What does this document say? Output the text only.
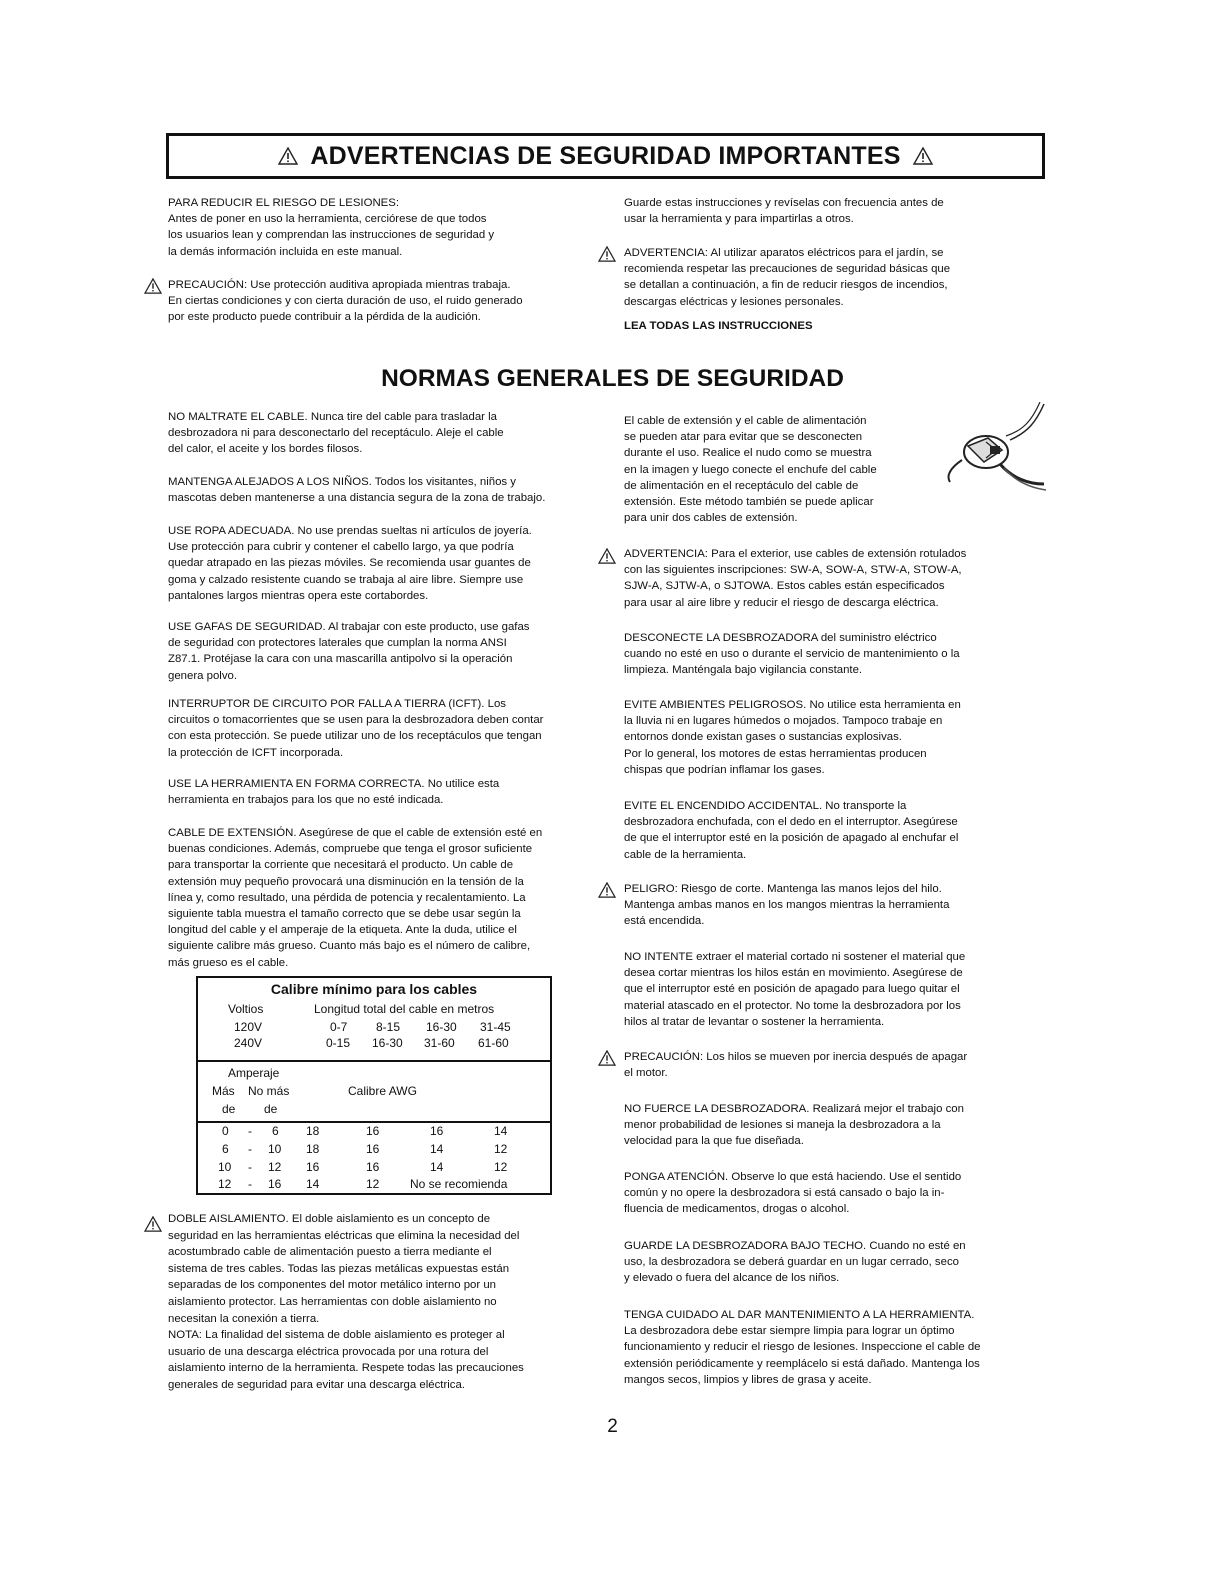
ADVERTENCIAS DE SEGURIDAD IMPORTANTES
PARA REDUCIR EL RIESGO DE LESIONES:
Antes de poner en uso la herramienta, cerciórese de que todos
los usuarios lean y comprendan las instrucciones de seguridad y
la demás información incluida en este manual.
PRECAUCIÓN: Use protección auditiva apropiada mientras trabaja.
En ciertas condiciones y con cierta duración de uso, el ruido generado
por este producto puede contribuir a la pérdida de la audición.
Guarde estas instrucciones y revíselas con frecuencia antes de
usar la herramienta y para impartirlas a otros.
ADVERTENCIA: Al utilizar aparatos eléctricos para el jardín, se
recomienda respetar las precauciones de seguridad básicas que
se detallan a continuación, a fin de reducir riesgos de incendios,
descargas eléctricas y lesiones personales.
LEA TODAS LAS INSTRUCCIONES
NORMAS GENERALES DE SEGURIDAD
NO MALTRATE EL CABLE. Nunca tire del cable para trasladar la
desbrozadora ni para desconectarlo del receptáculo. Aleje el cable
del calor, el aceite y los bordes filosos.
MANTENGA ALEJADOS A LOS NIÑOS. Todos los visitantes, niños y
mascotas deben mantenerse a una distancia segura de la zona de trabajo.
USE ROPA ADECUADA. No use prendas sueltas ni artículos de joyería.
Use protección para cubrir y contener el cabello largo, ya que podría
quedar atrapado en las piezas móviles. Se recomienda usar guantes de
goma y calzado resistente cuando se trabaja al aire libre. Siempre use
pantalones largos mientras opera este cortabordes.
USE GAFAS DE SEGURIDAD. Al trabajar con este producto, use gafas
de seguridad con protectores laterales que cumplan la norma ANSI
Z87.1. Protéjase la cara con una mascarilla antipolvo si la operación
genera polvo.
INTERRUPTOR DE CIRCUITO POR FALLA A TIERRA (ICFT). Los
circuitos o tomacorrientes que se usen para la desbrozadora deben contar
con esta protección. Se puede utilizar uno de los receptáculos que tengan
la protección de ICFT incorporada.
USE LA HERRAMIENTA EN FORMA CORRECTA. No utilice esta
herramienta en trabajos para los que no esté indicada.
CABLE DE EXTENSIÓN. Asegúrese de que el cable de extensión esté en
buenas condiciones. Además, compruebe que tenga el grosor suficiente
para transportar la corriente que necesitará el producto. Un cable de
extensión muy pequeño provocará una disminución en la tensión de la
línea y, como resultado, una pérdida de potencia y recalentamiento. La
siguiente tabla muestra el tamaño correcto que se debe usar según la
longitud del cable y el amperaje de la etiqueta. Ante la duda, utilice el
siguiente calibre más grueso. Cuanto más bajo es el número de calibre,
más grueso es el cable.
Calibre mínimo para los cables
Voltios	Longitud total del cable en metros
120V	0-7 8-15 16-30 31-45
240V	0-15 16-30 31-60 61-60
Amperaje
Más No más	Calibre AWG
de de
0 - 6 18	16	16	14
6 - 10 18	16	14	12
10 - 12 16	16	14	12
12 - 16 14	12	No se recomienda
DOBLE AISLAMIENTO. El doble aislamiento es un concepto de
seguridad en las herramientas eléctricas que elimina la necesidad del
acostumbrado cable de alimentación puesto a tierra mediante el
sistema de tres cables. Todas las piezas metálicas expuestas están
separadas de los componentes del motor metálico interno por un
aislamiento protector. Las herramientas con doble aislamiento no
necesitan la conexión a tierra.
NOTA: La finalidad del sistema de doble aislamiento es proteger al
usuario de una descarga eléctrica provocada por una rotura del
aislamiento interno de la herramienta. Respete todas las precauciones
generales de seguridad para evitar una descarga eléctrica.
El cable de extensión y el cable de alimentación
se pueden atar para evitar que se desconecten
durante el uso. Realice el nudo como se muestra
en la imagen y luego conecte el enchufe del cable
de alimentación en el receptáculo del cable de
extensión. Este método también se puede aplicar
para unir dos cables de extensión.
ADVERTENCIA: Para el exterior, use cables de extensión rotulados
con las siguientes inscripciones: SW-A, SOW-A, STW-A, STOW-A,
SJW-A, SJTW-A, o SJTOWA. Estos cables están especificados
para usar al aire libre y reducir el riesgo de descarga eléctrica.
DESCONECTE LA DESBROZADORA del suministro eléctrico
cuando no esté en uso o durante el servicio de mantenimiento o la
limpieza. Manténgala bajo vigilancia constante.
EVITE AMBIENTES PELIGROSOS. No utilice esta herramienta en
la lluvia ni en lugares húmedos o mojados. Tampoco trabaje en
entornos donde existan gases o sustancias explosivas.
Por lo general, los motores de estas herramientas producen
chispas que podrían inflamar los gases.
EVITE EL ENCENDIDO ACCIDENTAL. No transporte la
desbrozadora enchufada, con el dedo en el interruptor. Asegúrese
de que el interruptor esté en la posición de apagado al enchufar el
cable de la herramienta.
PELIGRO: Riesgo de corte. Mantenga las manos lejos del hilo.
Mantenga ambas manos en los mangos mientras la herramienta
está encendida.
NO INTENTE extraer el material cortado ni sostener el material que
desea cortar mientras los hilos están en movimiento. Asegúrese de
que el interruptor esté en posición de apagado para luego quitar el
material atascado en el protector. No tome la desbrozadora por los
hilos al tratar de levantar o sostener la herramienta.
PRECAUCIÓN: Los hilos se mueven por inercia después de apagar
el motor.
NO FUERCE LA DESBROZADORA. Realizará mejor el trabajo con
menor probabilidad de lesiones si maneja la desbrozadora a la
velocidad para la que fue diseñada.
PONGA ATENCIÓN. Observe lo que está haciendo. Use el sentido
común y no opere la desbrozadora si está cansado o bajo la in-
fluencia de medicamentos, drogas o alcohol.
GUARDE LA DESBROZADORA BAJO TECHO. Cuando no esté en
uso, la desbrozadora se deberá guardar en un lugar cerrado, seco
y elevado o fuera del alcance de los niños.
TENGA CUIDADO AL DAR MANTENIMIENTO A LA HERRAMIENTA.
La desbrozadora debe estar siempre limpia para lograr un óptimo
funcionamiento y reducir el riesgo de lesiones. Inspeccione el cable de
extensión periódicamente y reemplácelo si está dañado. Mantenga los
mangos secos, limpios y libres de grasa y aceite.
2
